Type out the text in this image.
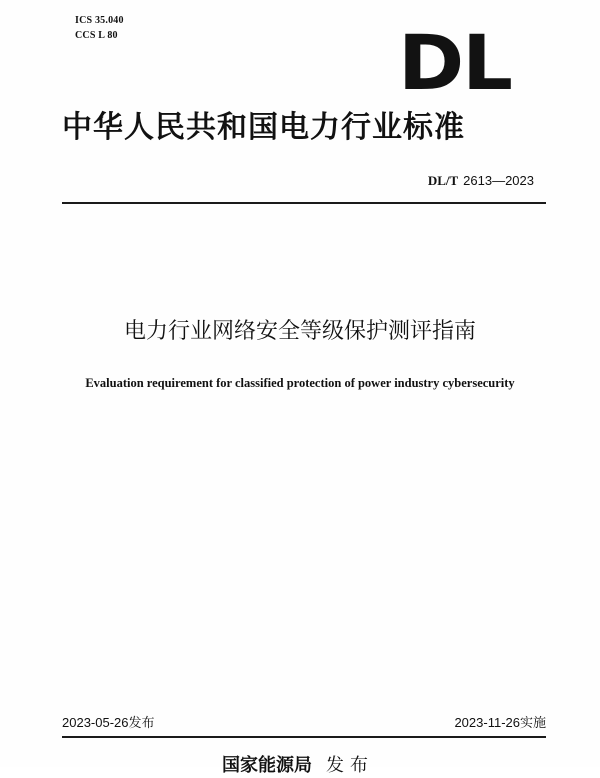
ICS 35.040
CCS L 80	DL
中华人民共和国电力行业标准
DL/T 2613—2023
电力行业网络安全等级保护测评指南
Evaluation requirement for classified protection of power industry cybersecurity
2023-05-26发布	2023-11-26实施
国家能源局 发布
